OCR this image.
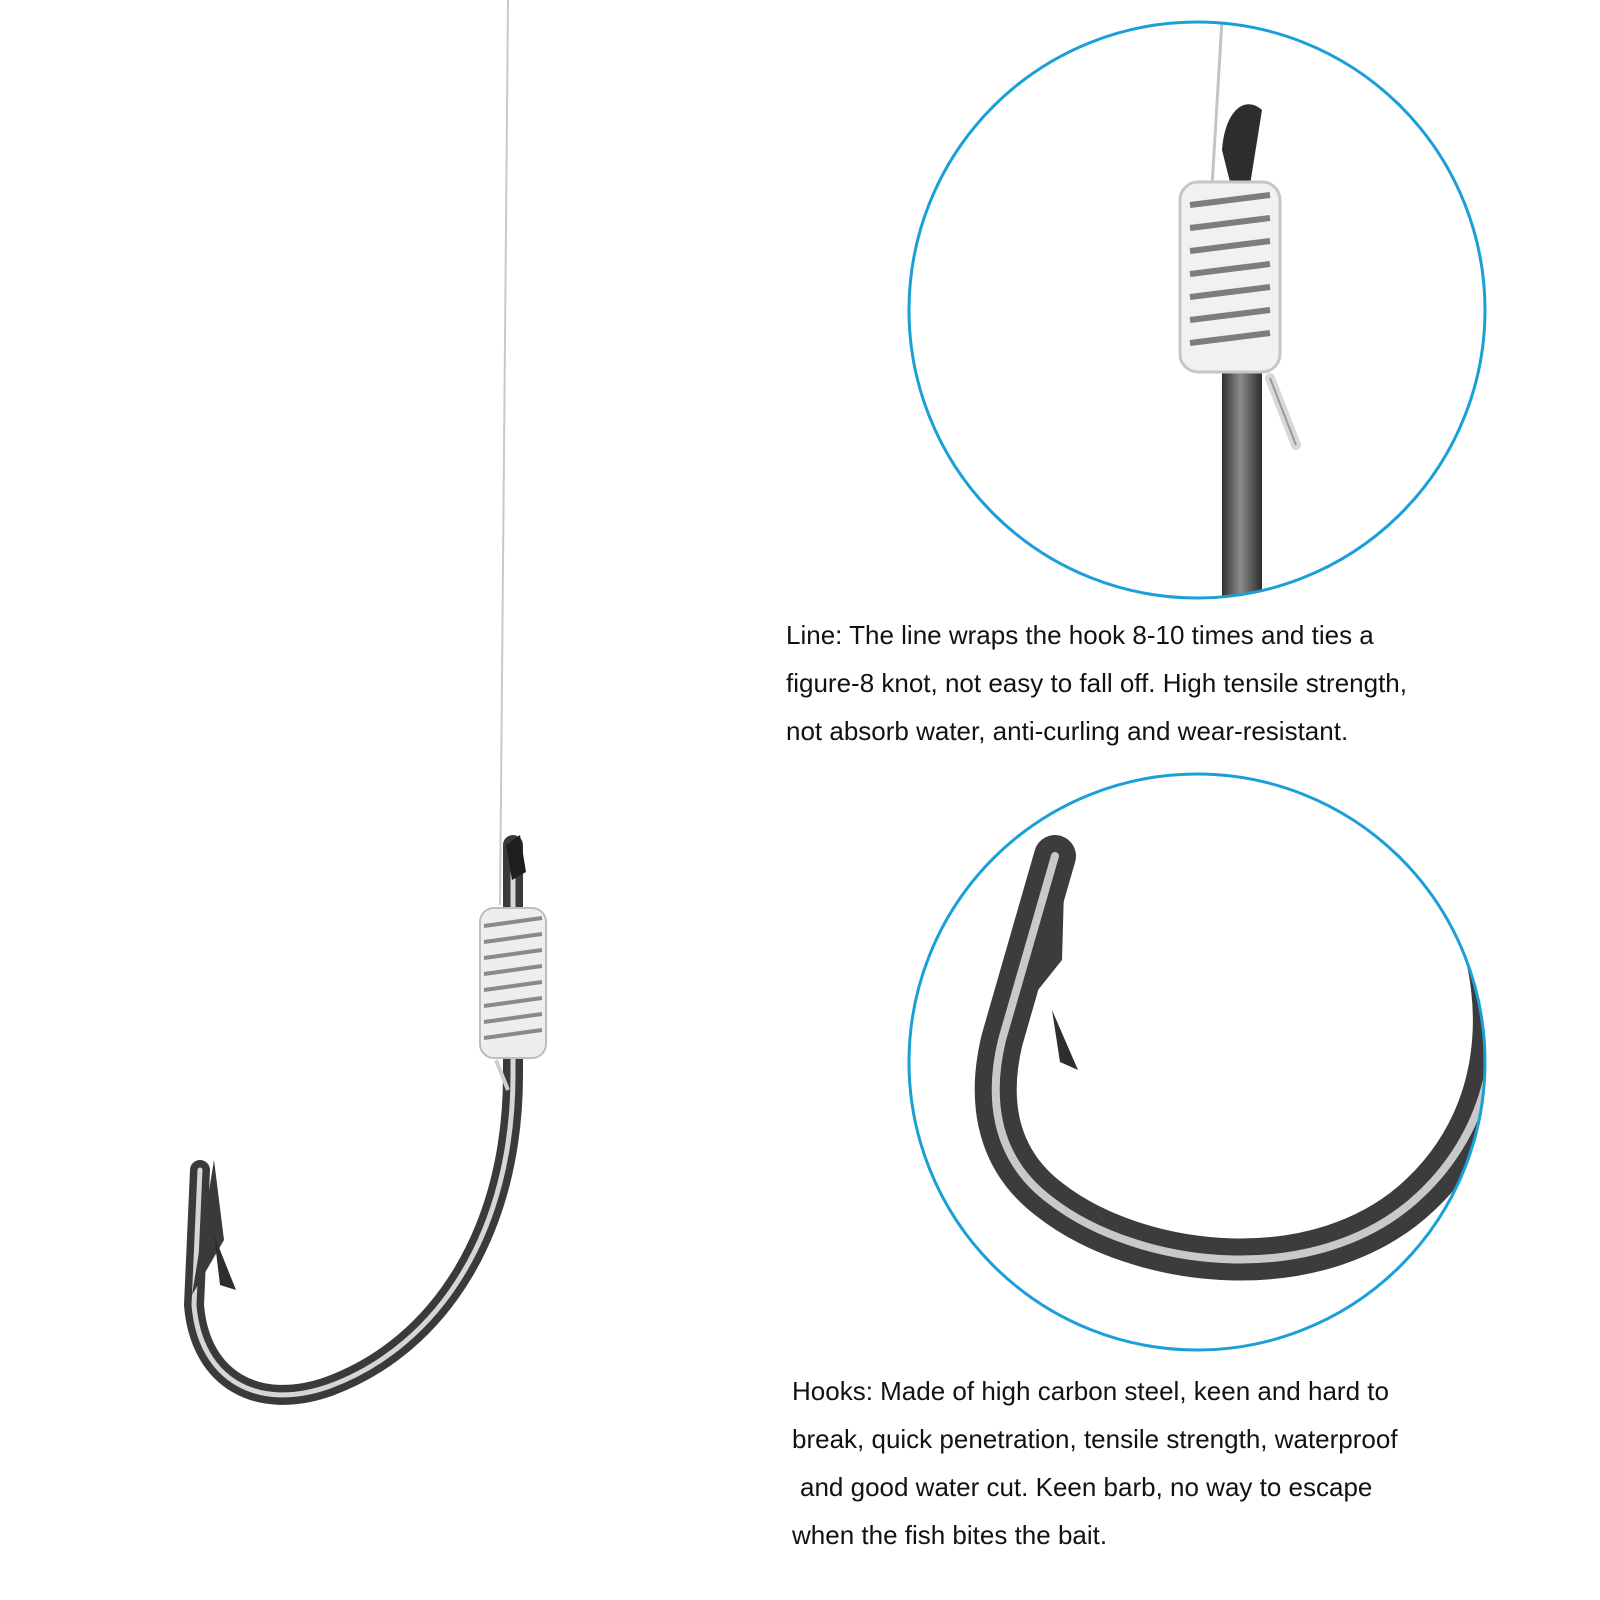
Line: The line wraps the hook 8-10 times and ties a
figure-8 knot, not easy to fall off. High tensile strength,
not absorb water, anti-curling and wear-resistant.
Hooks: Made of high carbon steel, keen and hard to
break, quick penetration, tensile strength, waterproof
and good water cut. Keen barb, no way to escape
when the fish bites the bait.
